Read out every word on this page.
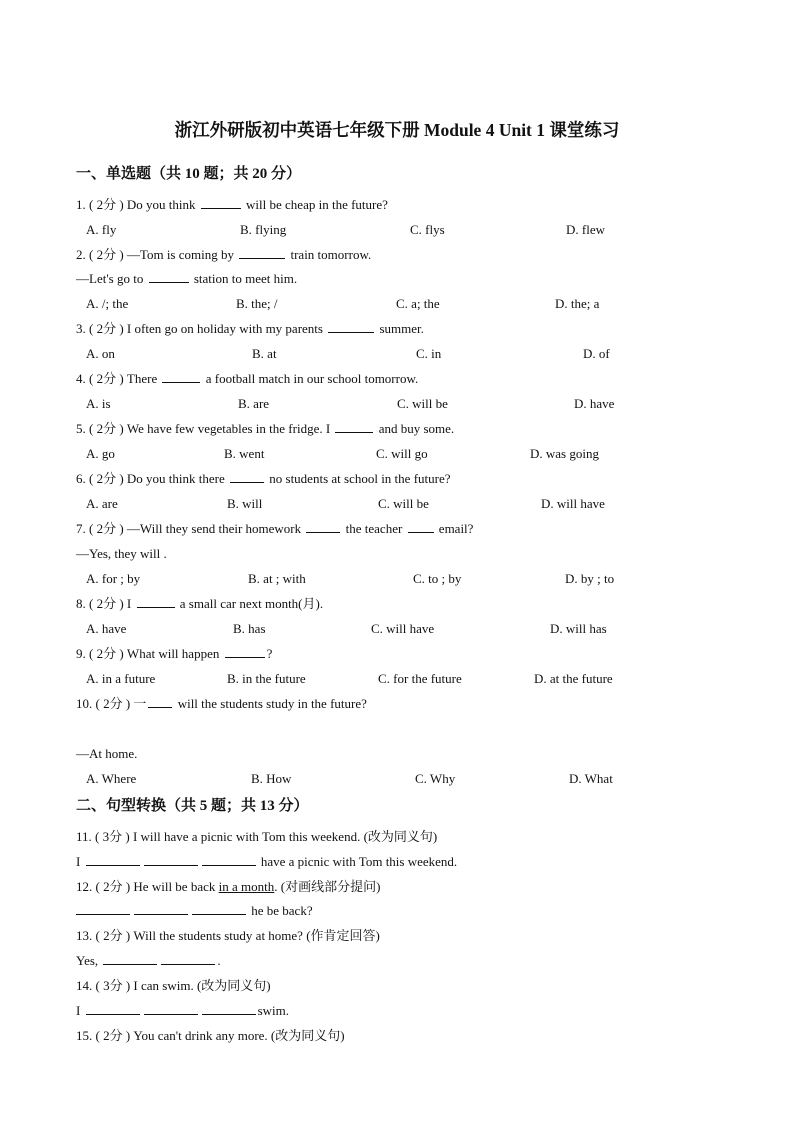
浙江外研版初中英语七年级下册 Module 4 Unit 1 课堂练习
一、单选题（共 10 题；共 20 分）
1. ( 2分 ) Do you think	will be cheap in the future?
A. fly	B. flying	C. flys	D. flew
2. ( 2分 ) —Tom is coming by	train tomorrow.
—Let's go to	station to meet him.
A. /; the	B. the; /	C. a; the	D. the; a
3. ( 2分 ) I often go on holiday with my parents	summer.
A. on	B. at	C. in	D. of
4. ( 2分 ) There	a football match in our school tomorrow.
A. is	B. are	C. will be	D. have
5. ( 2分 ) We have few vegetables in the fridge. I	and buy some.
A. go	B. went	C. will go	D. was going
6. ( 2分 ) Do you think there	no students at school in the future?
A. are	B. will	C. will be	D. will have
7. ( 2分 ) —Will they send their homework	the teacher  email?
—Yes, they will .
A. for ; by	B. at ; with	C. to ; by	D. by ; to
8. ( 2分 ) I	a small car next month(月).
A. have	B. has	C. will have	D. will has
9. ( 2分 ) What will happen	?
A. in a future	B. in the future	C. for the future	D. at the future
10. ( 2分 ) 一 will the students study in the future?
—At home.
A. Where	B. How	C. Why	D. What
二、句型转换（共 5 题；共 13 分）
11. ( 3分 ) I will have a picnic with Tom this weekend. (改为同义句)
I	have a picnic with Tom this weekend.
12. ( 2分 ) He will be back in a month. (对画线部分提问)
he be back?
13. ( 2分 ) Will the students study at home? (作肯定回答)
Yes,	.
14. ( 3分 ) I can swim. (改为同义句)
I	swim.
15. ( 2分 ) You can't drink any more. (改为同义句)
